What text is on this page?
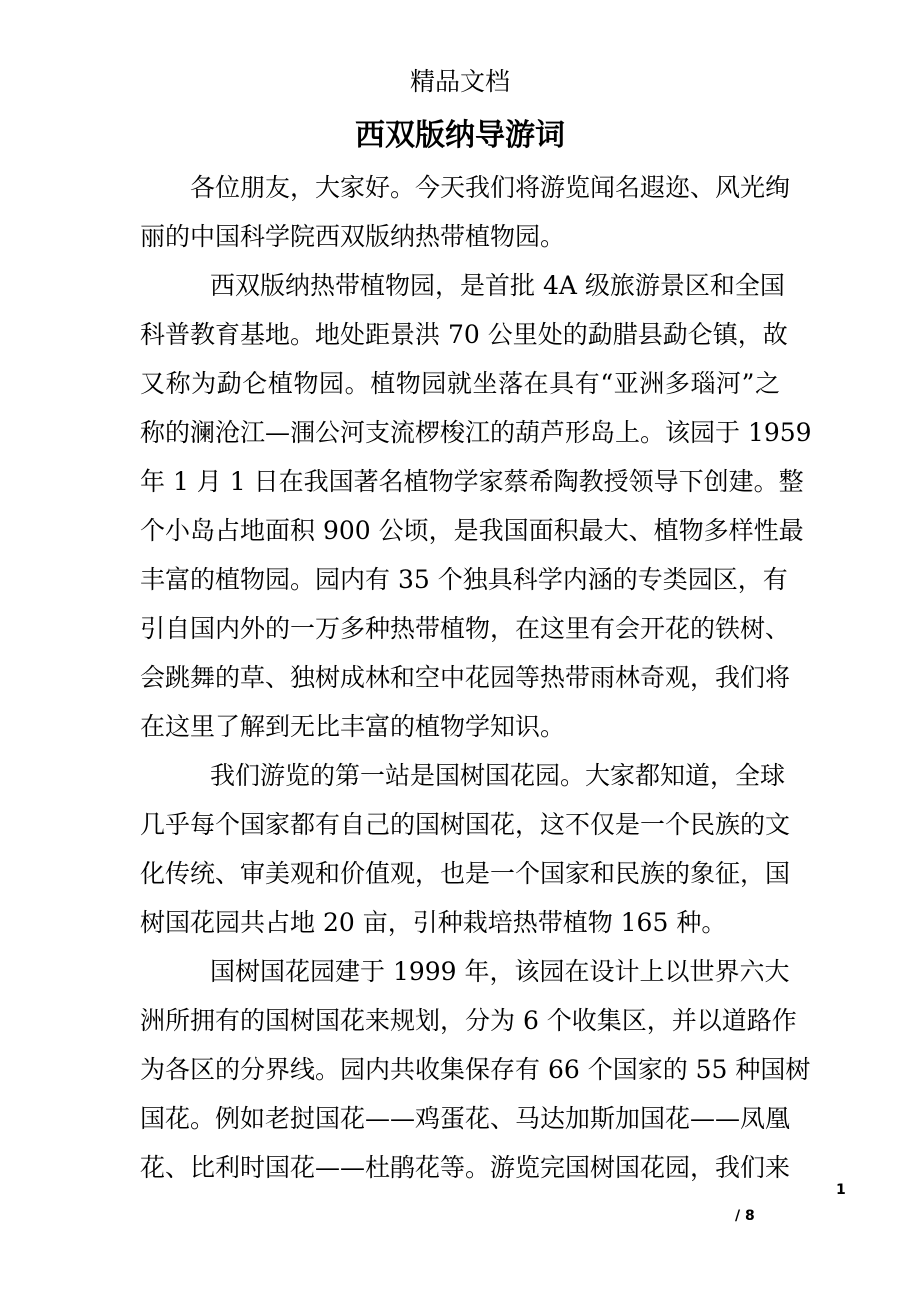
精品文档
西双版纳导游词
各位朋友，大家好。今天我们将游览闻名遐迩、风光绚
丽的中国科学院西双版纳热带植物园。
西双版纳热带植物园，是首批 4A 级旅游景区和全国
科普教育基地。地处距景洪 70 公里处的勐腊县勐仑镇，故
又称为勐仑植物园。植物园就坐落在具有“亚洲多瑙河”之
称的澜沧江—涠公河支流椤梭江的葫芦形岛上。该园于 1959
年 1 月 1 日在我国著名植物学家蔡希陶教授领导下创建。整
个小岛占地面积 900 公顷，是我国面积最大、植物多样性最
丰富的植物园。园内有 35 个独具科学内涵的专类园区，有
引自国内外的一万多种热带植物，在这里有会开花的铁树、
会跳舞的草、独树成林和空中花园等热带雨林奇观，我们将
在这里了解到无比丰富的植物学知识。
我们游览的第一站是国树国花园。大家都知道，全球
几乎每个国家都有自己的国树国花，这不仅是一个民族的文
化传统、审美观和价值观，也是一个国家和民族的象征，国
树国花园共占地 20 亩，引种栽培热带植物 165 种。
国树国花园建于 1999 年，该园在设计上以世界六大
洲所拥有的国树国花来规划，分为 6 个收集区，并以道路作
为各区的分界线。园内共收集保存有 66 个国家的 55 种国树
国花。例如老挝国花——鸡蛋花、马达加斯加国花——凤凰
花、比利时国花——杜鹃花等。游览完国树国花园，我们来
1
/ 8
